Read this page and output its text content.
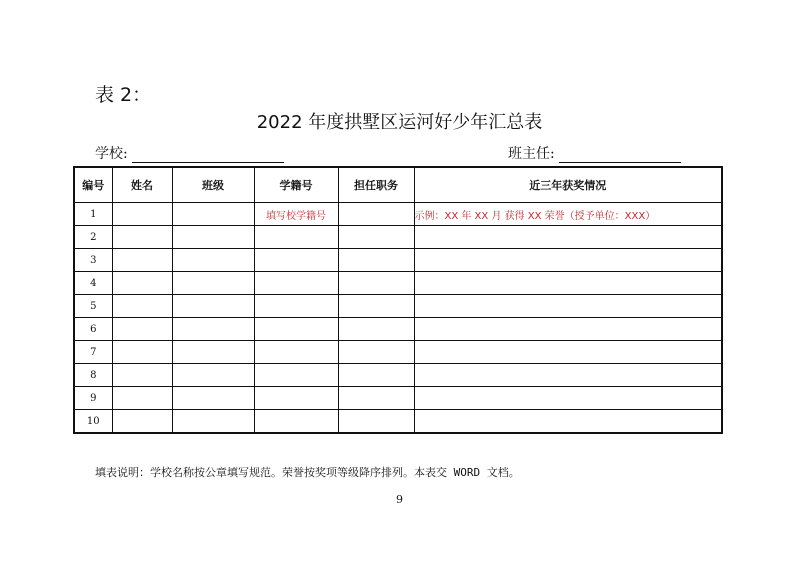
表 2：
2022 年度拱墅区运河好少年汇总表
学校:	班主任:
编号	姓名	班级	学籍号	担任职务	近三年获奖情况
1			填写校学籍号		示例：XX 年 XX 月 获得 XX 荣誉（授予单位：XXX）
2					
3					
4					
5					
6					
7					
8					
9					
10					
填表说明：学校名称按公章填写规范。荣誉按奖项等级降序排列。本表交 WORD 文档。
9
